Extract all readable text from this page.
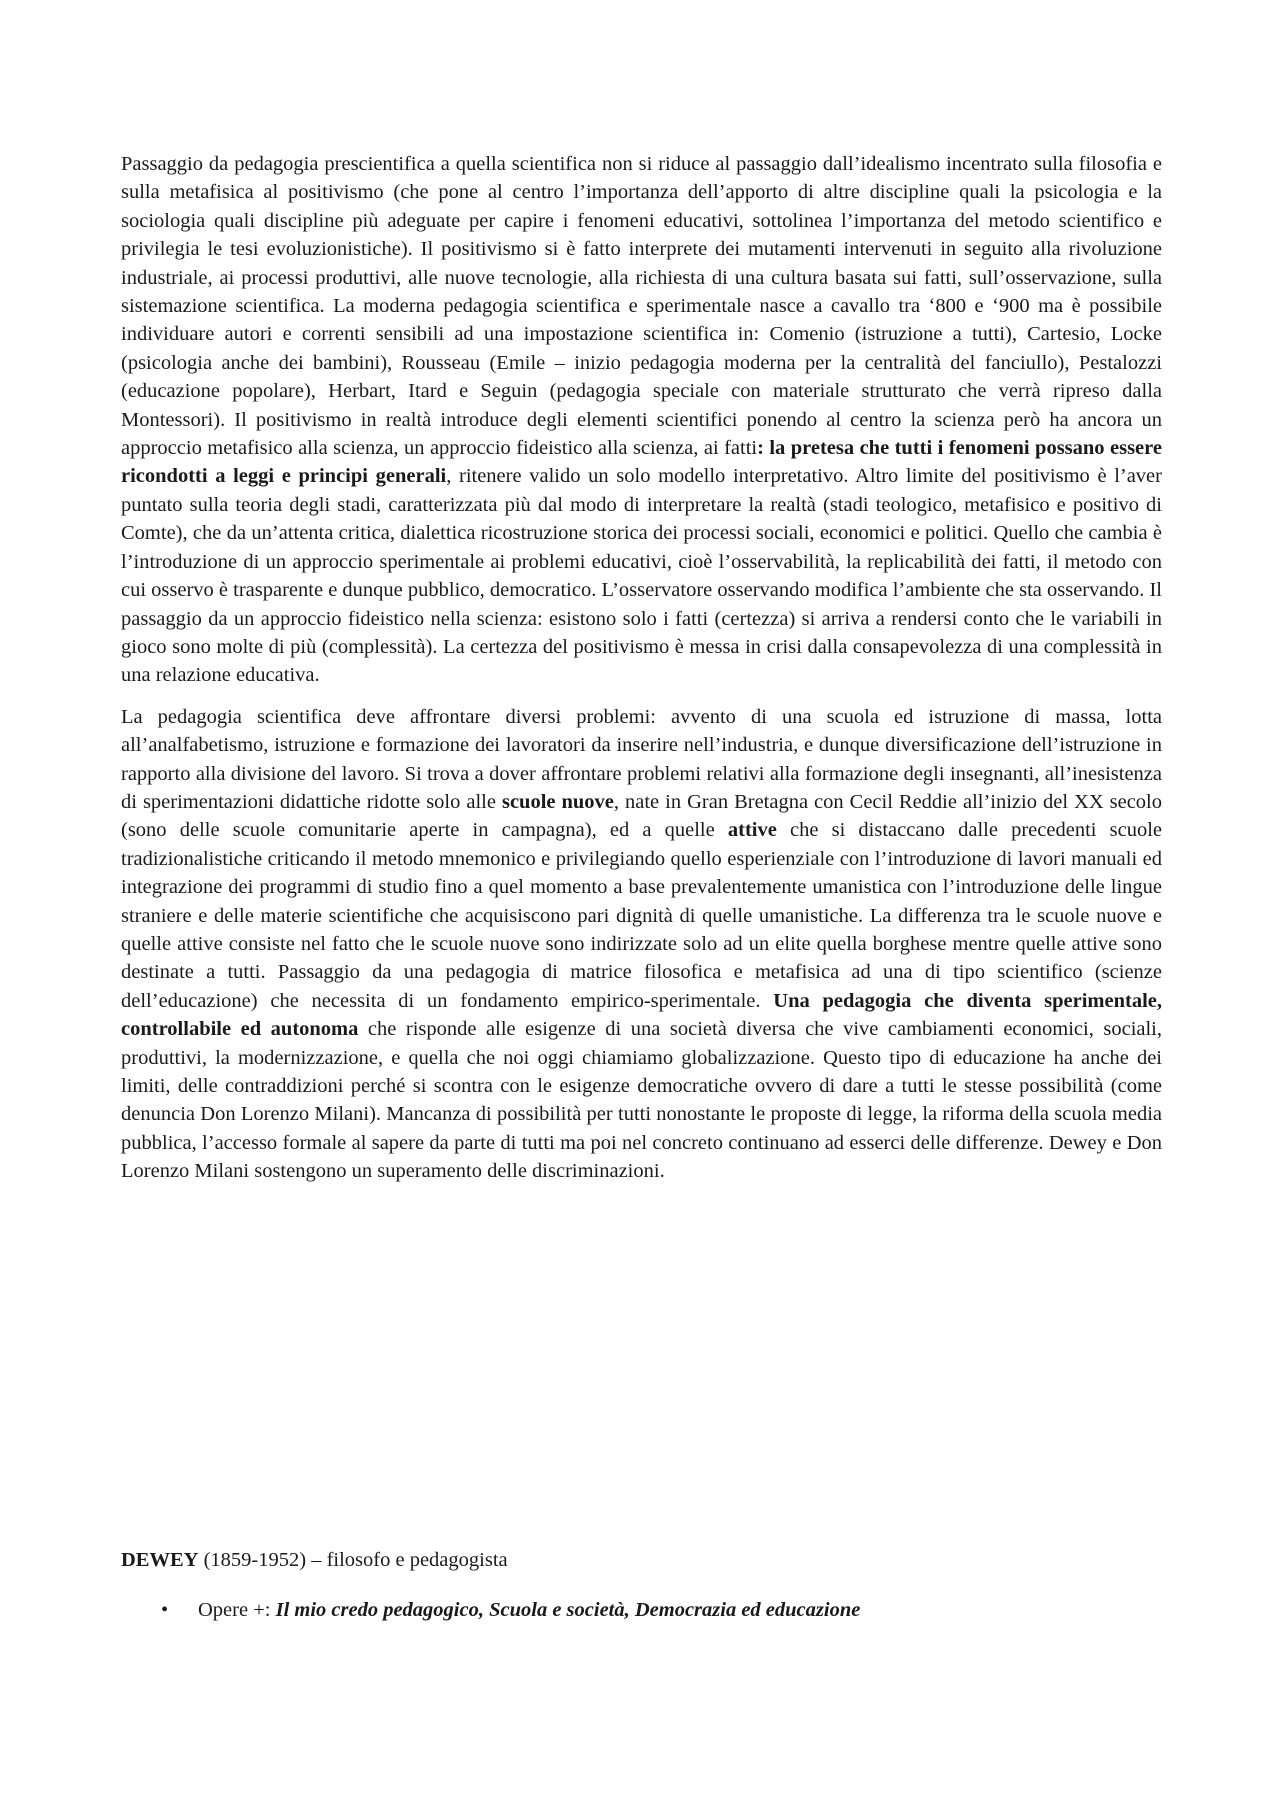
Passaggio da pedagogia prescientifica a quella scientifica non si riduce al passaggio dall’idealismo incentrato sulla filosofia e sulla metafisica al positivismo (che pone al centro l’importanza dell’apporto di altre discipline quali la psicologia e la sociologia quali discipline più adeguate per capire i fenomeni educativi, sottolinea l’importanza del metodo scientifico e privilegia le tesi evoluzionistiche). Il positivismo si è fatto interprete dei mutamenti intervenuti in seguito alla rivoluzione industriale, ai processi produttivi, alle nuove tecnologie, alla richiesta di una cultura basata sui fatti, sull’osservazione, sulla sistemazione scientifica. La moderna pedagogia scientifica e sperimentale nasce a cavallo tra ‘800 e ‘900 ma è possibile individuare autori e correnti sensibili ad una impostazione scientifica in: Comenio (istruzione a tutti), Cartesio, Locke (psicologia anche dei bambini), Rousseau (Emile – inizio pedagogia moderna per la centralità del fanciullo), Pestalozzi (educazione popolare), Herbart, Itard e Seguin (pedagogia speciale con materiale strutturato che verrà ripreso dalla Montessori). Il positivismo in realtà introduce degli elementi scientifici ponendo al centro la scienza però ha ancora un approccio metafisico alla scienza, un approccio fideistico alla scienza, ai fatti: la pretesa che tutti i fenomeni possano essere ricondotti a leggi e principi generali, ritenere valido un solo modello interpretativo. Altro limite del positivismo è l’aver puntato sulla teoria degli stadi, caratterizzata più dal modo di interpretare la realtà (stadi teologico, metafisico e positivo di Comte), che da un’attenta critica, dialettica ricostruzione storica dei processi sociali, economici e politici. Quello che cambia è l’introduzione di un approccio sperimentale ai problemi educativi, cioè l’osservabilità, la replicabilità dei fatti, il metodo con cui osservo è trasparente e dunque pubblico, democratico. L’osservatore osservando modifica l’ambiente che sta osservando. Il passaggio da un approccio fideistico nella scienza: esistono solo i fatti (certezza) si arriva a rendersi conto che le variabili in gioco sono molte di più (complessità). La certezza del positivismo è messa in crisi dalla consapevolezza di una complessità in una relazione educativa.

La pedagogia scientifica deve affrontare diversi problemi: avvento di una scuola ed istruzione di massa, lotta all’analfabetismo, istruzione e formazione dei lavoratori da inserire nell’industria, e dunque diversificazione dell’istruzione in rapporto alla divisione del lavoro. Si trova a dover affrontare problemi relativi alla formazione degli insegnanti, all’inesistenza di sperimentazioni didattiche ridotte solo alle scuole nuove, nate in Gran Bretagna con Cecil Reddie all’inizio del XX secolo (sono delle scuole comunitarie aperte in campagna), ed a quelle attive che si distaccano dalle precedenti scuole tradizionalistiche criticando il metodo mnemonico e privilegiando quello esperienziale con l’introduzione di lavori manuali ed integrazione dei programmi di studio fino a quel momento a base prevalentemente umanistica con l’introduzione delle lingue straniere e delle materie scientifiche che acquisiscono pari dignità di quelle umanistiche. La differenza tra le scuole nuove e quelle attive consiste nel fatto che le scuole nuove sono indirizzate solo ad un elite quella borghese mentre quelle attive sono destinate a tutti. Passaggio da una pedagogia di matrice filosofica e metafisica ad una di tipo scientifico (scienze dell’educazione) che necessita di un fondamento empirico-sperimentale. Una pedagogia che diventa sperimentale, controllabile ed autonoma che risponde alle esigenze di una società diversa che vive cambiamenti economici, sociali, produttivi, la modernizzazione, e quella che noi oggi chiamiamo globalizzazione. Questo tipo di educazione ha anche dei limiti, delle contraddizioni perché si scontra con le esigenze democratiche ovvero di dare a tutti le stesse possibilità (come denuncia Don Lorenzo Milani). Mancanza di possibilità per tutti nonostante le proposte di legge, la riforma della scuola media pubblica, l’accesso formale al sapere da parte di tutti ma poi nel concreto continuano ad esserci delle differenze. Dewey e Don Lorenzo Milani sostengono un superamento delle discriminazioni.

DEWEY (1859-1952) – filosofo e pedagogista

• Opere +: Il mio credo pedagogico, Scuola e società, Democrazia ed educazione
